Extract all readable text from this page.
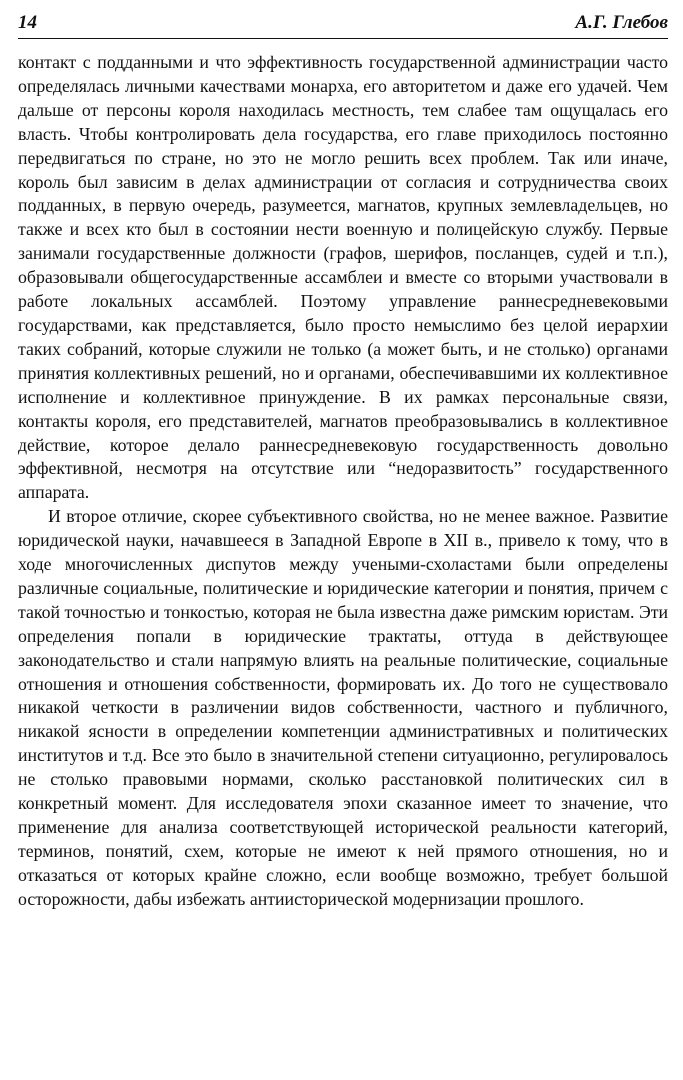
14	А.Г. Глебов

контакт с подданными и что эффективность государственной администрации часто определялась личными качествами монарха, его авторитетом и даже его удачей. Чем дальше от персоны короля находилась местность, тем слабее там ощущалась его власть. Чтобы контролировать дела государства, его главе приходилось постоянно передвигаться по стране, но это не могло решить всех проблем. Так или иначе, король был зависим в делах администрации от согласия и сотрудничества своих подданных, в первую очередь, разумеется, магнатов, крупных землевладельцев, но также и всех кто был в состоянии нести военную и полицейскую службу. Первые занимали государственные должности (графов, шерифов, посланцев, судей и т.п.), образовывали общегосударственные ассамблеи и вместе со вторыми участвовали в работе локальных ассамблей. Поэтому управление раннесредневековыми государствами, как представляется, было просто немыслимо без целой иерархии таких собраний, которые служили не только (а может быть, и не столько) органами принятия коллективных решений, но и органами, обеспечивавшими их коллективное исполнение и коллективное принуждение. В их рамках персональные связи, контакты короля, его представителей, магнатов преобразовывались в коллективное действие, которое делало раннесредневековую государственность довольно эффективной, несмотря на отсутствие или “недоразвитость” государственного аппарата.

И второе отличие, скорее субъективного свойства, но не менее важное. Развитие юридической науки, начавшееся в Западной Европе в XII в., привело к тому, что в ходе многочисленных диспутов между учеными-схоластами были определены различные социальные, политические и юридические категории и понятия, причем с такой точностью и тонкостью, которая не была известна даже римским юристам. Эти определения попали в юридические трактаты, оттуда в действующее законодательство и стали напрямую влиять на реальные политические, социальные отношения и отношения собственности, формировать их. До того не существовало никакой четкости в различении видов собственности, частного и публичного, никакой ясности в определении компетенции административных и политических институтов и т.д. Все это было в значительной степени ситуационно, регулировалось не столько правовыми нормами, сколько расстановкой политических сил в конкретный момент. Для исследователя эпохи сказанное имеет то значение, что применение для анализа соответствующей исторической реальности категорий, терминов, понятий, схем, которые не имеют к ней прямого отношения, но и отказаться от которых крайне сложно, если вообще возможно, требует большой осторожности, дабы избежать антиисторической модернизации прошлого.
